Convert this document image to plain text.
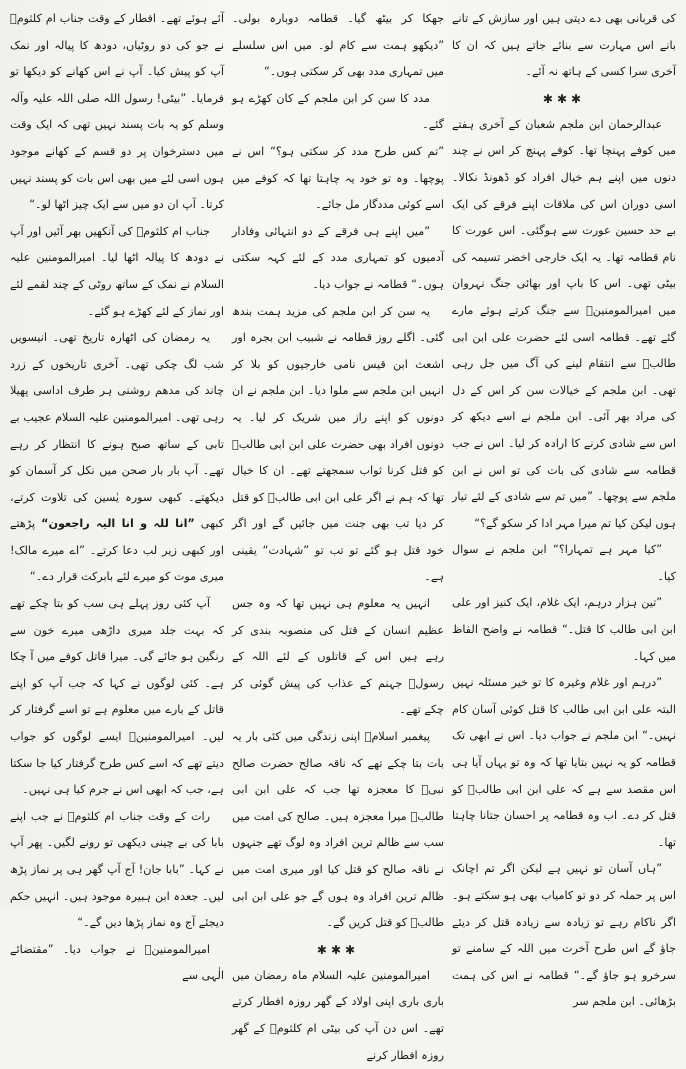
کی قربانی بھی دے دیتی ہیں اور سازش کے تانے بانے اس مہارت سے بنائے جاتے ہیں کہ ان کا آخری سرا کسی کے ہاتھ نہ آئے۔

✱✱✱

عبدالرحمان ابن ملجم شعبان کے آخری ہفتے میں کوفے پہنچا تھا۔ کوفے پہنچ کر اس نے چند دنوں میں اپنے ہم خیال افراد کو ڈھونڈ نکالا۔ اسی دوران اس کی ملاقات اپنے فرقے کی ایک بے حد حسین عورت سے ہوگئی۔ اس عورت کا نام قطامہ تھا۔ یہ ایک خارجی اخضر تسیمہ کی بیٹی تھی۔ اس کا باپ اور بھائی جنگ نہروان میں امیرالمومنینؑ سے جنگ کرتے ہوئے مارے گئے تھے۔ قطامہ اسی لئے حضرت علی ابن ابی طالبؑ سے انتقام لینے کی آگ میں جل رہی تھی۔ ابن ملجم کے خیالات سن کر اس کے دل کی مراد بھر آئی۔ ابن ملجم نے اسے دیکھ کر اس سے شادی کرنے کا ارادہ کر لیا۔ اس نے جب قطامہ سے شادی کی بات کی تو اس نے ابن ملجم سے پوچھا۔ ”میں تم سے شادی کے لئے تیار ہوں لیکن کیا تم میرا مہر ادا کر سکو گے؟“

”کیا مہر ہے تمہارا؟“ ابن ملجم نے سوال کیا۔

”تین ہزار درہم، ایک غلام، ایک کنیز اور علی ابن ابی طالب کا قتل۔“ قطامہ نے واضح الفاظ میں کہا۔

”درہم اور غلام وغیرہ کا تو خیر مسئلہ نہیں البتہ علی ابن ابی طالب کا قتل کوئی آسان کام نہیں۔“ ابن ملجم نے جواب دیا۔ اس نے ابھی تک قطامہ کو یہ نہیں بتایا تھا کہ وہ تو یہاں آیا ہی اس مقصد سے ہے کہ علی ابن ابی طالبؑ کو قتل کر دے۔ اب وہ قطامہ پر احسان جتانا چاہتا تھا۔

”ہاں آسان تو نہیں ہے لیکن اگر تم اچانک اس پر حملہ کر دو تو کامیاب بھی ہو سکتے ہو۔ اگر ناکام رہے تو زیادہ سے زیادہ قتل کر دیئے جاؤ گے اس طرح آخرت میں اللہ کے سامنے تو سرخرو ہو جاؤ گے۔“ قطامہ نے اس کی ہمت بڑھائی۔ ابن ملجم سر

جھکا کر بیٹھ گیا۔ قطامہ دوبارہ بولی۔ ”دیکھو ہمت سے کام لو۔ میں اس سلسلے میں تمہاری مدد بھی کر سکتی ہوں۔“

مدد کا سن کر ابن ملجم کے کان کھڑے ہو گئے۔

”تم کس طرح مدد کر سکتی ہو؟“ اس نے پوچھا۔ وہ تو خود یہ چاہتا تھا کہ کوفے میں اسے کوئی مددگار مل جائے۔

”میں اپنے ہی فرقے کے دو انتہائی وفادار آدمیوں کو تمہاری مدد کے لئے کہہ سکتی ہوں۔“ قطامہ نے جواب دیا۔

یہ سن کر ابن ملجم کی مزید ہمت بندھ گئی۔ اگلے روز قطامہ نے شبیب ابن بجرہ اور اشعث ابن قیس نامی خارجیوں کو بلا کر انہیں ابن ملجم سے ملوا دیا۔ ابن ملجم نے ان دونوں کو اپنے راز میں شریک کر لیا۔ یہ دونوں افراد بھی حضرت علی ابن ابی طالبؑ کو قتل کرنا ثواب سمجھتے تھے۔ ان کا خیال تھا کہ ہم نے اگر علی ابن ابی طالبؑ کو قتل کر دیا تب بھی جنت میں جائیں گے اور اگر خود قتل ہو گئے تو تب تو ”شہادت“ یقینی ہے۔

انہیں یہ معلوم ہی نہیں تھا کہ وہ جس عظیم انسان کے قتل کی منصوبہ بندی کر رہے ہیں اس کے قاتلوں کے لئے اللہ کے رسولؐ جہنم کے عذاب کی پیش گوئی کر چکے تھے۔

پیغمبر اسلامؐ اپنی زندگی میں کئی بار یہ بات بتا چکے تھے کہ ناقہ صالح حضرت صالح نبیؑ کا معجزہ تھا جب کہ علی ابن ابی طالبؑ میرا معجزہ ہیں۔ صالح کی امت میں سب سے ظالم ترین افراد وہ لوگ تھے جنہوں نے ناقہ صالح کو قتل کیا اور میری امت میں ظالم ترین افراد وہ ہوں گے جو علی ابن ابی طالبؑ کو قتل کریں گے۔

✱✱✱

امیرالمومنین علیہ السلام ماہ رمضان میں باری باری اپنی اولاد کے گھر روزہ افطار کرتے تھے۔ اس دن آپ کی بیٹی ام کلثومؑ کے گھر روزہ افطار کرنے

آئے ہوئے تھے۔ افطار کے وقت جناب ام کلثومؑ نے جو کی دو روٹیاں، دودھ کا پیالہ اور نمک آپ کو پیش کیا۔ آپ نے اس کھانے کو دیکھا تو فرمایا۔ ”بیٹی! رسول اللہ صلی اللہ علیہ وآلہ وسلم کو یہ بات پسند نہیں تھی کہ ایک وقت میں دسترخوان پر دو قسم کے کھانے موجود ہوں اسی لئے میں بھی اس بات کو پسند نہیں کرتا۔ آپ ان دو میں سے ایک چیز اٹھا لو۔“

جناب ام کلثومؑ کی آنکھیں بھر آئیں اور آپ نے دودھ کا پیالہ اٹھا لیا۔ امیرالمومنین علیہ السلام نے نمک کے ساتھ روٹی کے چند لقمے لئے اور نماز کے لئے کھڑے ہو گئے۔

یہ رمضان کی اٹھارہ تاریخ تھی۔ انیسویں شب لگ چکی تھی۔ آخری تاریخوں کے زرد چاند کی مدھم روشنی ہر طرف اداسی پھیلا رہی تھی۔ امیرالمومنین علیہ السلام عجیب بے تابی کے ساتھ صبح ہونے کا انتظار کر رہے تھے۔ آپ بار بار صحن میں نکل کر آسمان کو دیکھتے۔ کبھی سورہ یٰسین کی تلاوت کرتے، کبھی ”انا للہ و انا الیہ راجعون“ پڑھتے اور کبھی زیر لب دعا کرتے۔ ”اے میرے مالک! میری موت کو میرے لئے بابرکت قرار دے۔“

آپ کئی روز پہلے ہی سب کو بتا چکے تھے کہ بہت جلد میری داڑھی میرے خون سے رنگین ہو جائے گی۔ میرا قاتل کوفے میں آ چکا ہے۔ کئی لوگوں نے کہا کہ جب آپ کو اپنے قاتل کے بارے میں معلوم ہے تو اسے گرفتار کر لیں۔ امیرالمومنینؑ ایسے لوگوں کو جواب دیتے تھے کہ اسے کس طرح گرفتار کیا جا سکتا ہے، جب کہ ابھی اس نے جرم کیا ہی نہیں۔

رات کے وقت جناب ام کلثومؑ نے جب اپنے بابا کی بے چینی دیکھی تو رونے لگیں۔ پھر آپ نے کہا۔ ”بابا جان! آج آپ گھر ہی پر نماز پڑھ لیں۔ جعدہ ابن ہبیرہ موجود ہیں۔ انہیں حکم دیجئے آج وہ نماز پڑھا دیں گے۔“

امیرالمومنینؑ نے جواب دیا۔ ”مقتضائے الٰہی سے
